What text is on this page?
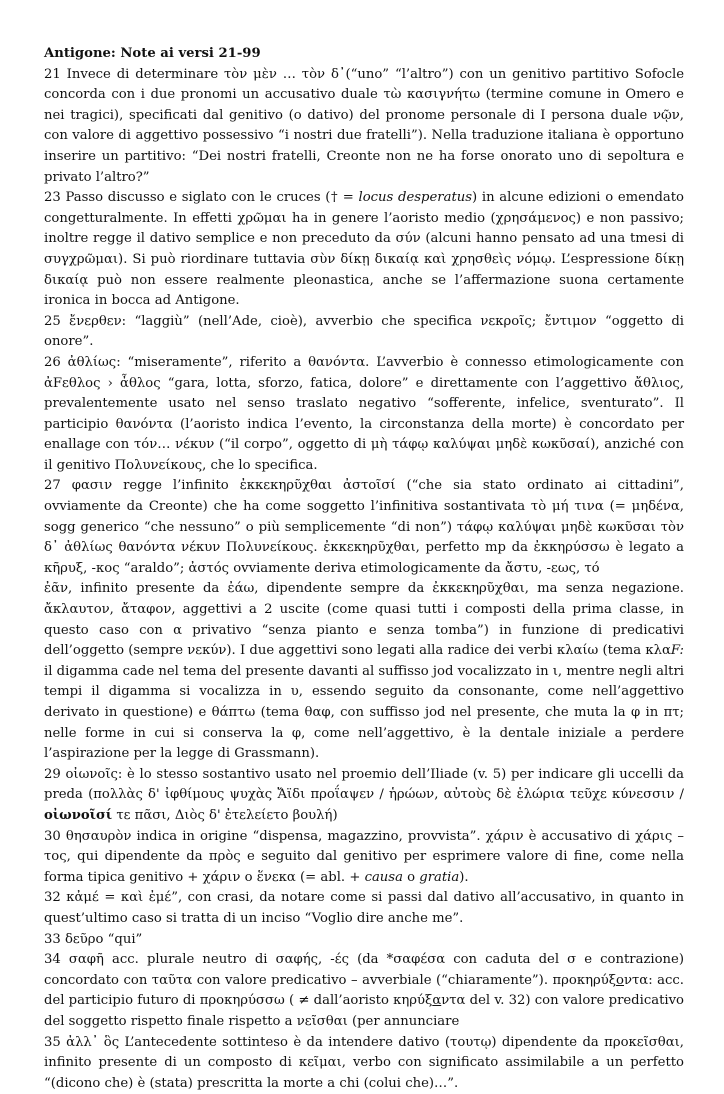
Antigone: Note ai versi 21-99

21 Invece di determinare τὸν μὲν … τὸν δ᾽(“uno” “l’altro”) con un genitivo partitivo Sofocle concorda con i due pronomi un accusativo duale τὼ κασιγνήτω (termine comune in Omero e nei tragici), specificati dal genitivo (o dativo) del pronome personale di I persona duale νῷν, con valore di aggettivo possessivo “i nostri due fratelli”). Nella traduzione italiana è opportuno inserire un partitivo: “Dei nostri fratelli, Creonte non ne ha forse onorato uno di sepoltura e privato l’altro?”

23 Passo discusso e siglato con le cruces († = locus desperatus) in alcune edizioni o emendato congetturalmente. In effetti χρῶμαι ha in genere l’aoristo medio (χρησάμενος) e non passivo; inoltre regge il dativo semplice e non preceduto da σύν (alcuni hanno pensato ad una tmesi di συγχρῶμαι). Si può riordinare tuttavia σὺν δίκῃ δικαίᾳ καὶ χρησθεὶς νόμῳ. L’espressione δίκῃ δικαίᾳ può non essere realmente pleonastica, anche se l’affermazione suona certamente ironica in bocca ad Antigone.

25 ἔνερθεν: “laggiù” (nell’Ade, cioè), avverbio che specifica νεκροῖς; ἔντιμον “oggetto di onore”.

26 ἀθλίως: “miseramente”, riferito a θανόντα. L’avverbio è connesso etimologicamente con ἀFεθλος › ἆθλος “gara, lotta, sforzo, fatica, dolore” e direttamente con l’aggettivo ἄθλιος, prevalentemente usato nel senso traslato negativo “sofferente, infelice, sventurato”. Il participio θανόντα (l’aoristo indica l’evento, la circonstanza della morte) è concordato per enallage con τόν… νέκυν (“il corpo”, oggetto di μὴ τάφῳ καλύψαι μηδὲ κωκῦσαί), anziché con il genitivo Πολυνείκους, che lo specifica.

27 φασιν regge l’infinito ἐκκεκηρῦχθαι ἀστοῖσί (“che sia stato ordinato ai cittadini”, ovviamente da Creonte) che ha come soggetto l’infinitiva sostantivata τὸ μή τινα (= μηδένα, sogg generico “che nessuno” o più semplicemente “di non”) τάφῳ καλύψαι μηδὲ κωκῦσαι τὸν δ᾽ ἀθλίως θανόντα νέκυν Πολυνείκους. ἐκκεκηρῦχθαι, perfetto mp da ἐκκηρύσσω è legato a κῆρυξ, -κος “araldo”; ἀστός ovviamente deriva etimologicamente da ἄστυ, -εως, τό
ἐᾶν, infinito presente da ἐάω, dipendente sempre da ἐκκεκηρῦχθαι, ma senza negazione. ἄκλαυτον, ἄταφον, aggettivi a 2 uscite (come quasi tutti i composti della prima classe, in questo caso con α privativo “senza pianto e senza tomba”) in funzione di predicativi dell’oggetto (sempre νεκύν). I due aggettivi sono legati alla radice dei verbi κλαίω (tema κλαF: il digamma cade nel tema del presente davanti al suffisso jod vocalizzato in ι, mentre negli altri tempi il digamma si vocalizza in υ, essendo seguito da consonante, come nell’aggettivo derivato in questione) e θάπτω (tema θαφ, con suffisso jod nel presente, che muta la φ in πτ; nelle forme in cui si conserva la φ, come nell’aggettivo, è la dentale iniziale a perdere l’aspirazione per la legge di Grassmann).

29 οἰωνοῖς: è lo stesso sostantivo usato nel proemio dell’Iliade (v. 5) per indicare gli uccelli da preda (πολλὰς δ' ἰφθίμους ψυχὰς Ἄϊδι προΐαψεν / ἡρώων, αὐτοὺς δὲ ἑλώρια τεῦχε κύνεσσιν / οἰωνοῖσί τε πᾶσι, Διὸς δ' ἐτελείετο βουλή)

30 θησαυρὸν indica in origine “dispensa, magazzino, provvista”. χάριν è accusativo di χάρις –τος, qui dipendente da πρὸς e seguito dal genitivo per esprimere valore di fine, come nella forma tipica genitivo + χάριν o ἕνεκα (= abl. + causa o gratia).

32 κἀμέ = καὶ ἐμέ”, con crasi, da notare come si passi dal dativo all’accusativo, in quanto in quest’ultimo caso si tratta di un inciso “Voglio dire anche me”.

33 δεῦρο “qui”

34 σαφῆ acc. plurale neutro di σαφής, -ές (da *σαφέσα con caduta del σ e contrazione) concordato con ταῦτα con valore predicativo – avverbiale (“chiaramente”). προκηρύξοντα: acc. del participio futuro di προκηρύσσω ( ≠ dall’aoristo κηρύξαντα del v. 32) con valore predicativo del soggetto rispetto finale rispetto a νεῖσθαι (per annunciare

35 ἀλλ᾽ ὃς L’antecedente sottinteso è da intendere dativo (τουτῳ) dipendente da προκεῖσθαι, infinito presente di un composto di κεῖμαι, verbo con significato assimilabile a un perfetto “(dicono che) è (stata) prescritta la morte a chi (colui che)…”.
